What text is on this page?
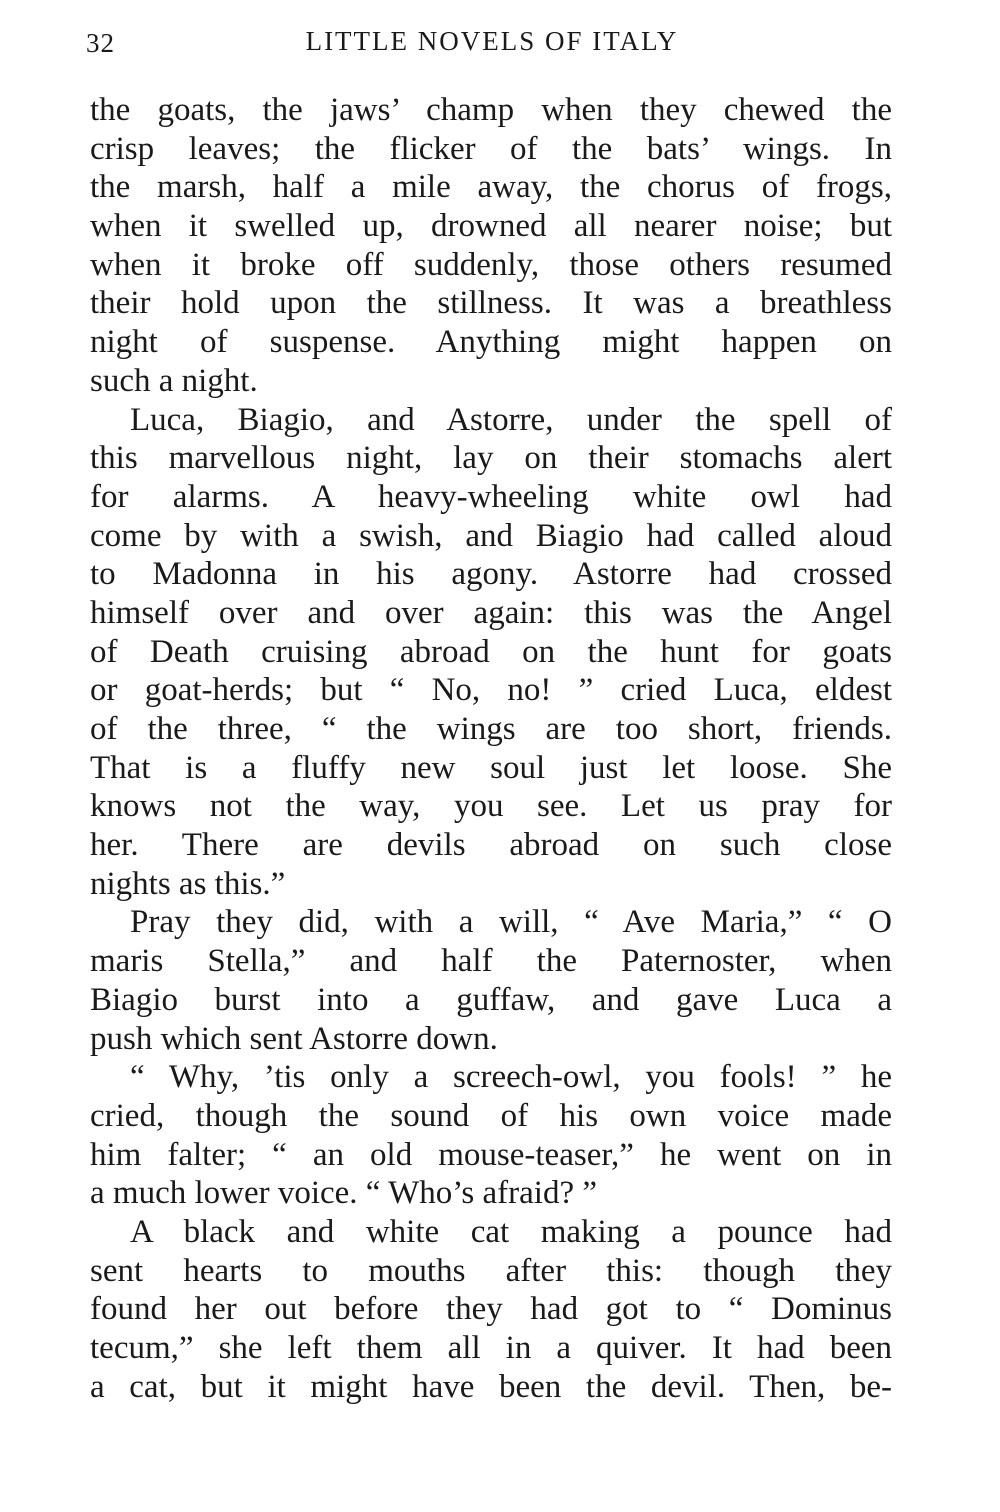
32	LITTLE NOVELS OF ITALY
the goats, the jaws’ champ when they chewed the
crisp leaves; the flicker of the bats’ wings. In
the marsh, half a mile away, the chorus of frogs,
when it swelled up, drowned all nearer noise; but
when it broke off suddenly, those others resumed
their hold upon the stillness. It was a breathless
night of suspense. Anything might happen on
such a night.
Luca, Biagio, and Astorre, under the spell of
this marvellous night, lay on their stomachs alert
for alarms. A heavy-wheeling white owl had
come by with a swish, and Biagio had called aloud
to Madonna in his agony. Astorre had crossed
himself over and over again: this was the Angel
of Death cruising abroad on the hunt for goats
or goat-herds; but “ No, no! ” cried Luca, eldest
of the three, “ the wings are too short, friends.
That is a fluffy new soul just let loose. She
knows not the way, you see. Let us pray for
her. There are devils abroad on such close
nights as this.”
Pray they did, with a will, “ Ave Maria,” “ O
maris Stella,” and half the Paternoster, when
Biagio burst into a guffaw, and gave Luca a
push which sent Astorre down.
“ Why, ’tis only a screech-owl, you fools! ” he
cried, though the sound of his own voice made
him falter; “ an old mouse-teaser,” he went on in
a much lower voice. “ Who’s afraid? ”
A black and white cat making a pounce had
sent hearts to mouths after this: though they
found her out before they had got to “ Dominus
tecum,” she left them all in a quiver. It had been
a cat, but it might have been the devil. Then, be-
